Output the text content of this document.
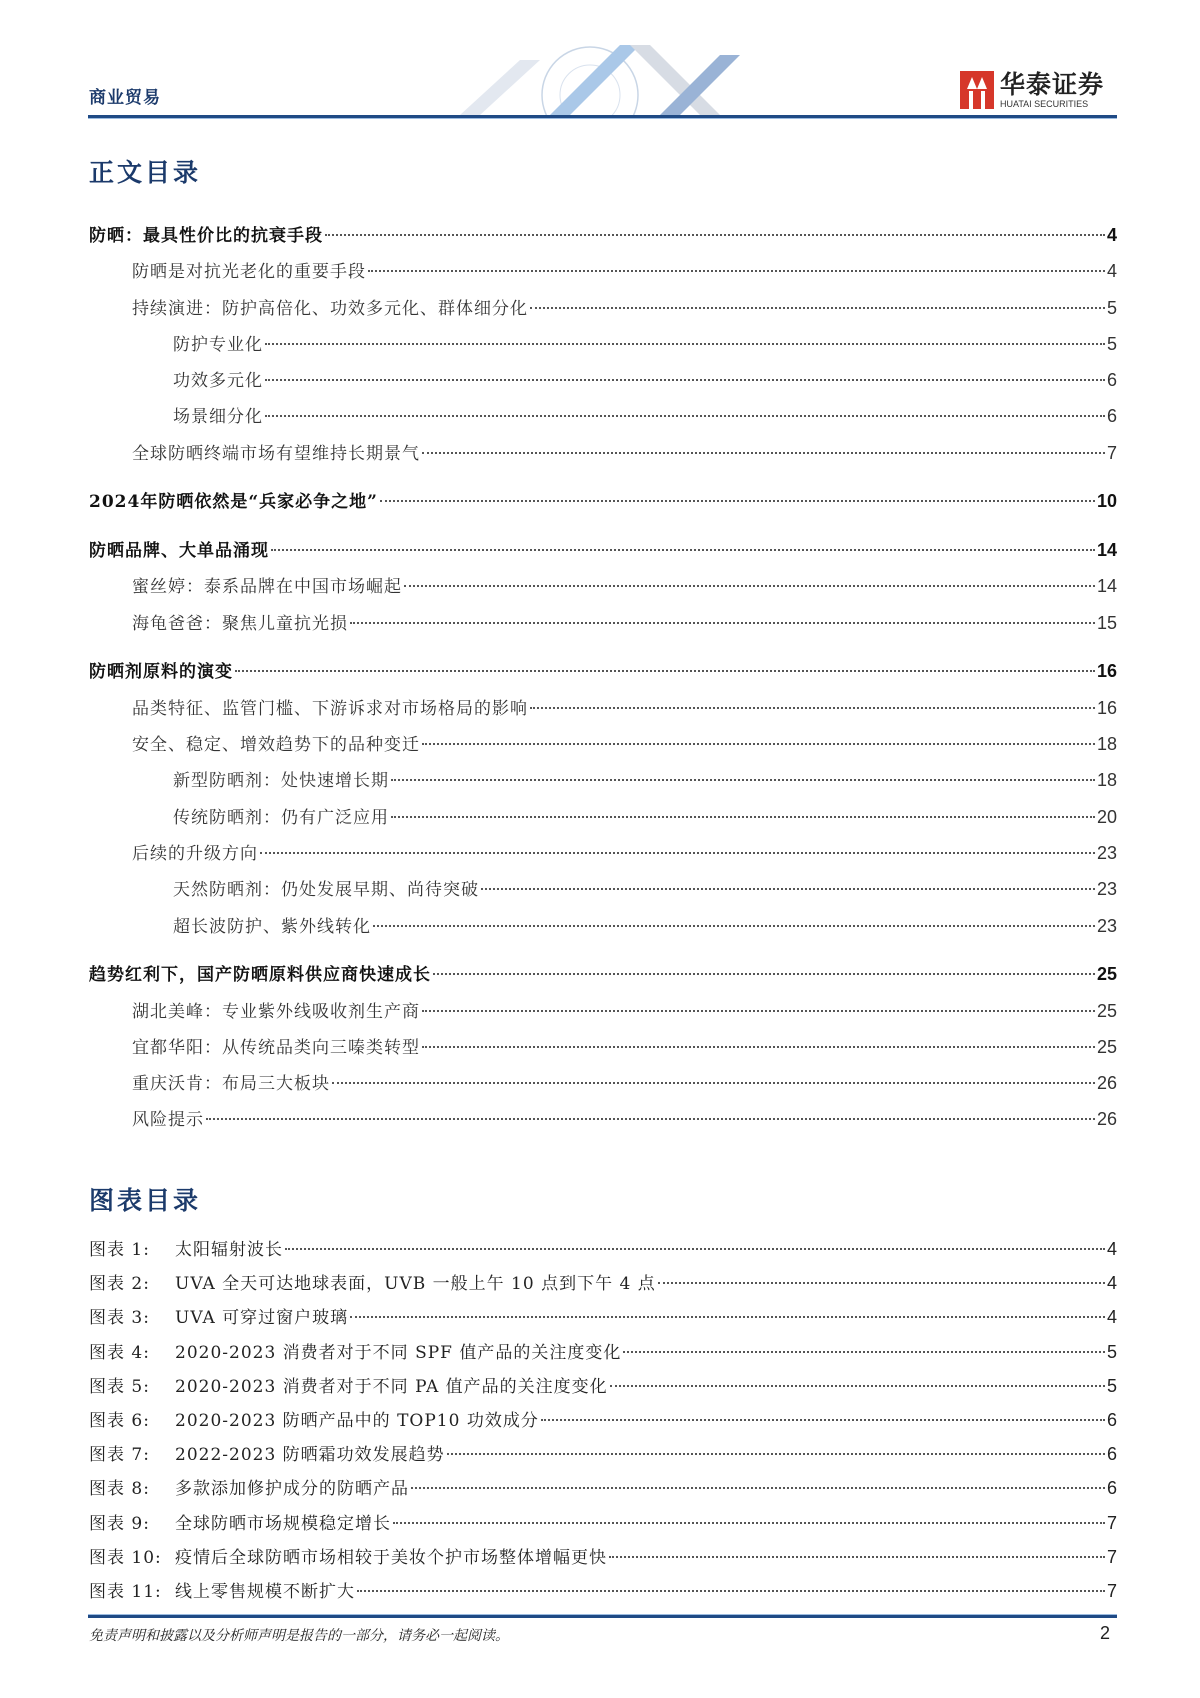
商业贸易	华泰证券
HUATAI SECURITIES
正文目录
防晒：最具性价比的抗衰手段	4
防晒是对抗光老化的重要手段	4
持续演进：防护高倍化、功效多元化、群体细分化	5
防护专业化	5
功效多元化	6
场景细分化	6
全球防晒终端市场有望维持长期景气	7
2024年防晒依然是“兵家必争之地”	10
防晒品牌、大单品涌现	14
蜜丝婷：泰系品牌在中国市场崛起	14
海龟爸爸：聚焦儿童抗光损	15
防晒剂原料的演变	16
品类特征、监管门槛、下游诉求对市场格局的影响	16
安全、稳定、增效趋势下的品种变迁	18
新型防晒剂：处快速增长期	18
传统防晒剂：仍有广泛应用	20
后续的升级方向	23
天然防晒剂：仍处发展早期、尚待突破	23
超长波防护、紫外线转化	23
趋势红利下，国产防晒原料供应商快速成长	25
湖北美峰：专业紫外线吸收剂生产商	25
宜都华阳：从传统品类向三嗪类转型	25
重庆沃肯：布局三大板块	26
风险提示	26
图表目录
图表 1:	太阳辐射波长	4
图表 2:	UVA 全天可达地球表面，UVB 一般上午 10 点到下午 4 点	4
图表 3:	UVA 可穿过窗户玻璃	4
图表 4:	2020-2023 消费者对于不同 SPF 值产品的关注度变化	5
图表 5:	2020-2023 消费者对于不同 PA 值产品的关注度变化	5
图表 6:	2020-2023 防晒产品中的 TOP10 功效成分	6
图表 7:	2022-2023 防晒霜功效发展趋势	6
图表 8:	多款添加修护成分的防晒产品	6
图表 9:	全球防晒市场规模稳定增长	7
图表 10: 疫情后全球防晒市场相较于美妆个护市场整体增幅更快	7
图表 11: 线上零售规模不断扩大	7
免责声明和披露以及分析师声明是报告的一部分，请务必一起阅读。	2
